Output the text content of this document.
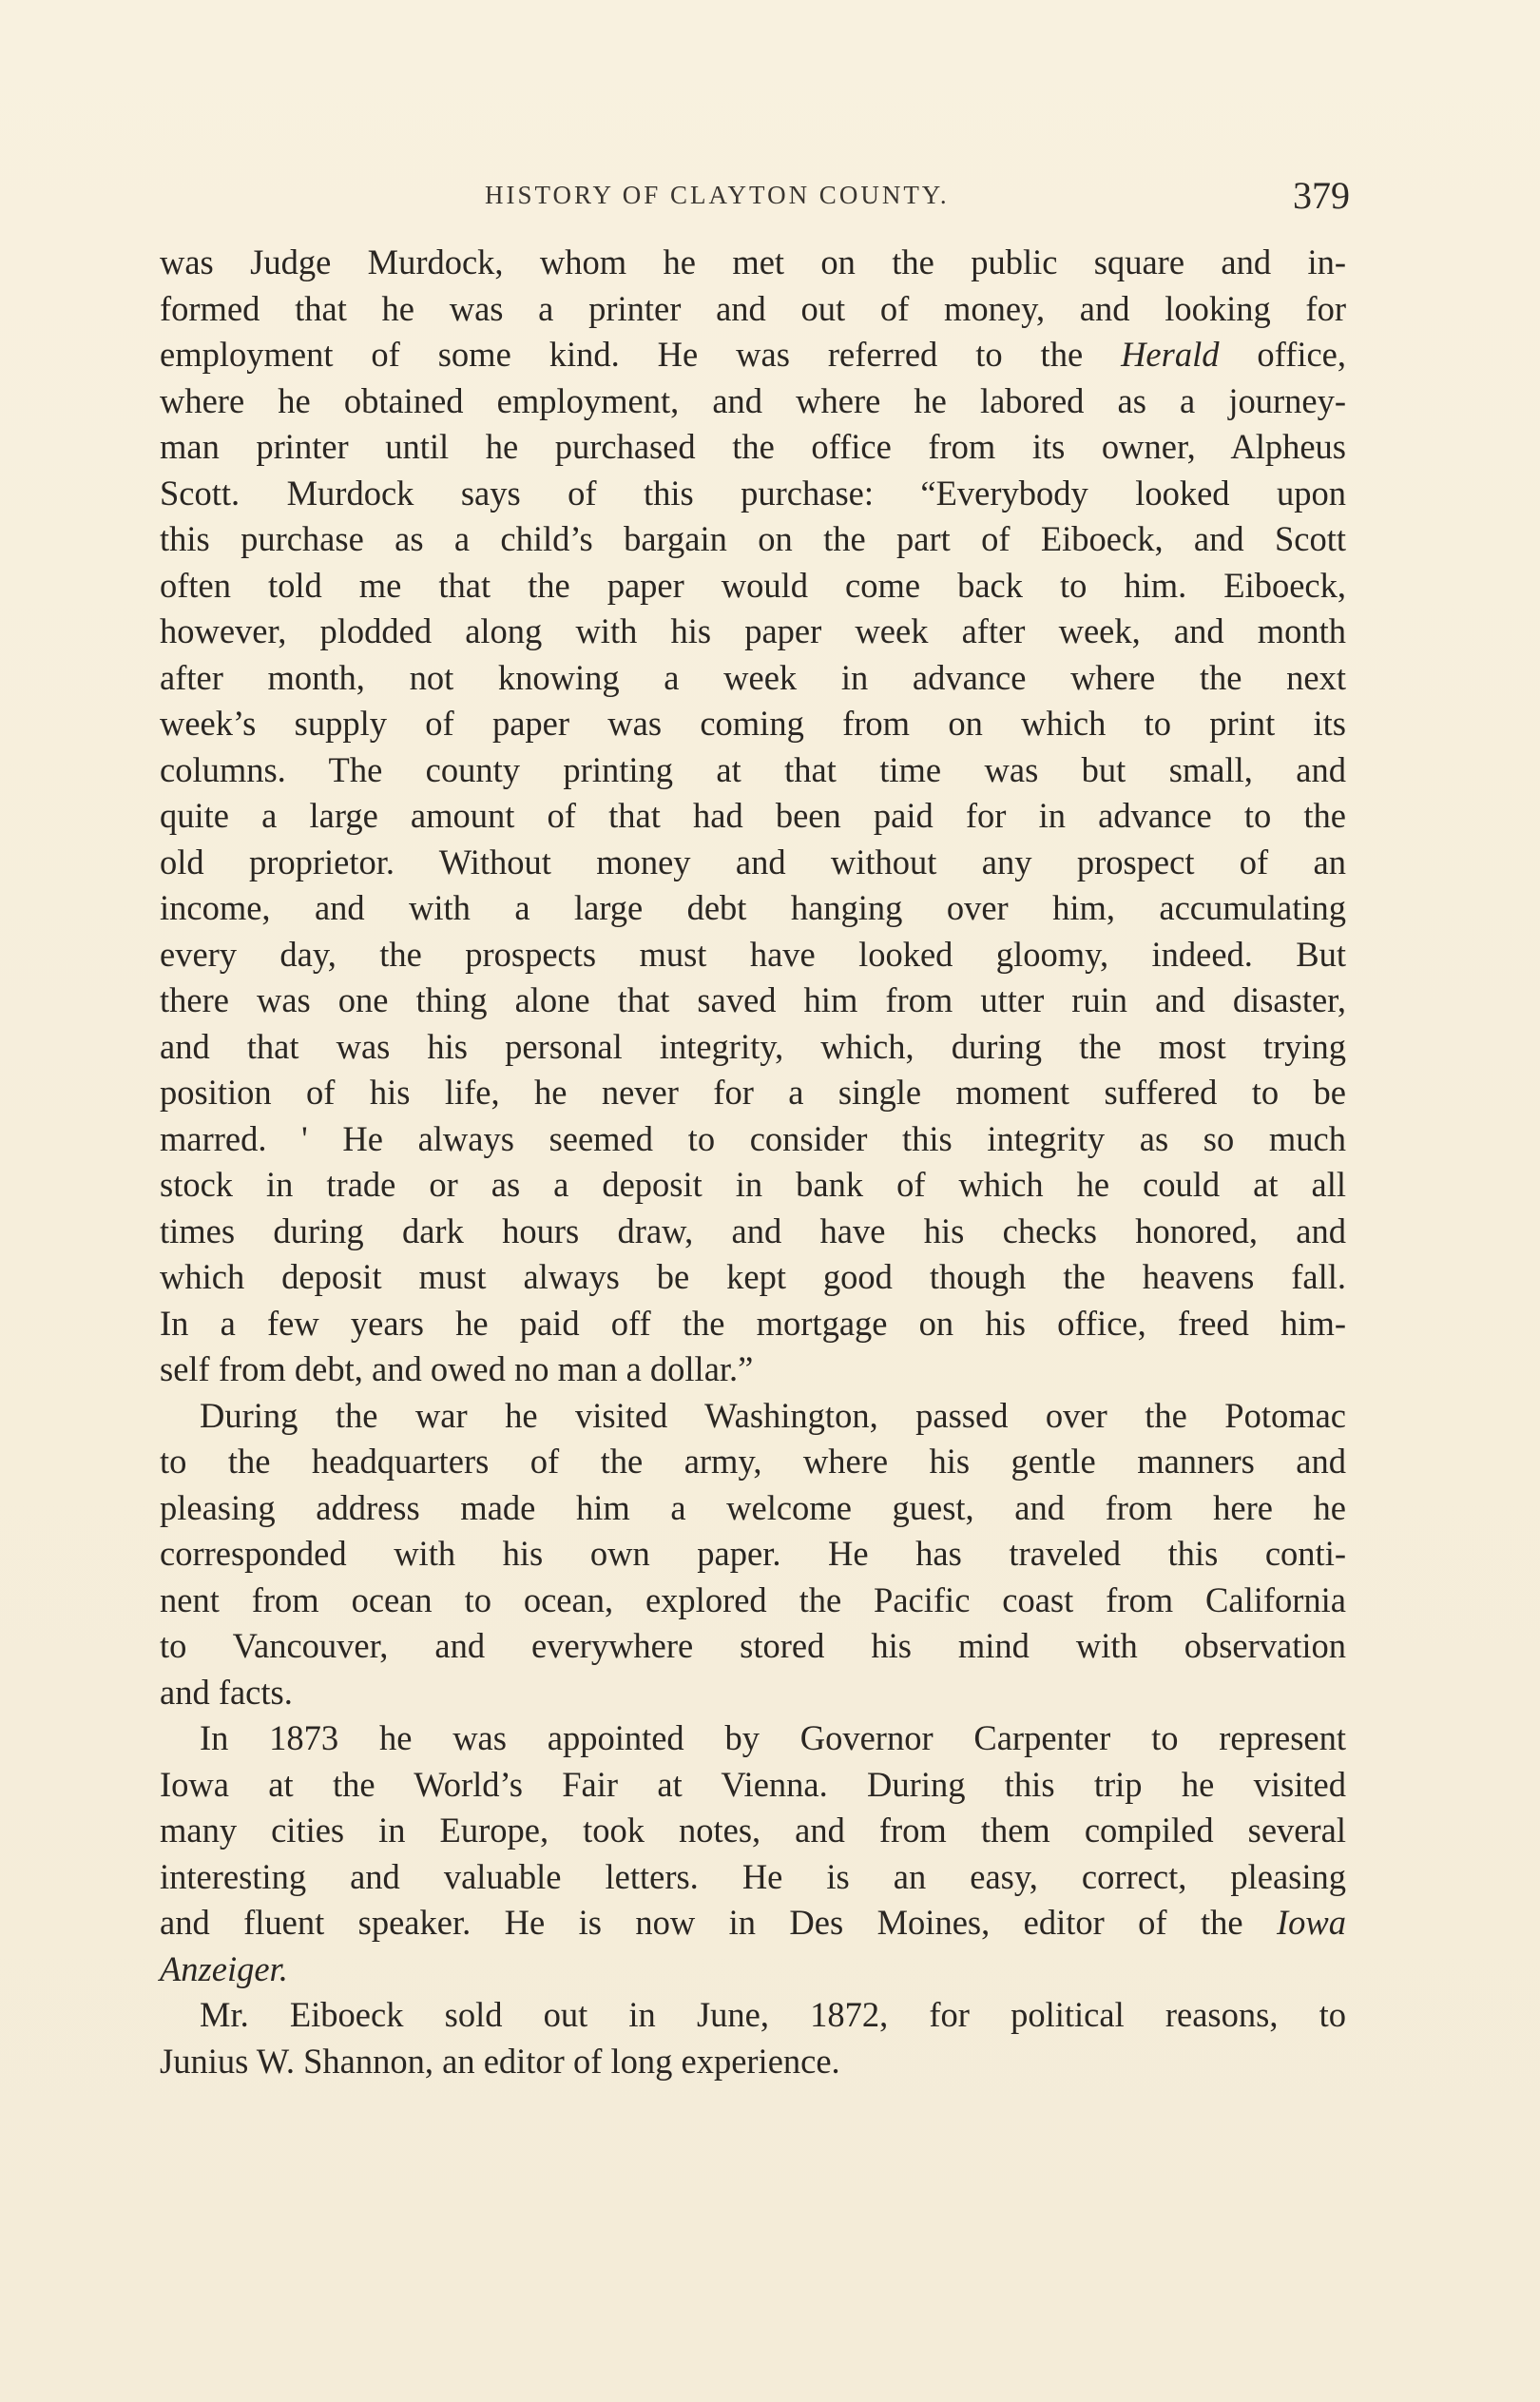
HISTORY OF CLAYTON COUNTY.	379
was Judge Murdock, whom he met on the public square and in-
formed that he was a printer and out of money, and looking for
employment of some kind. He was referred to the Herald office,
where he obtained employment, and where he labored as a journey-
man printer until he purchased the office from its owner, Alpheus
Scott. Murdock says of this purchase: “Everybody looked upon
this purchase as a child’s bargain on the part of Eiboeck, and Scott
often told me that the paper would come back to him. Eiboeck,
however, plodded along with his paper week after week, and month
after month, not knowing a week in advance where the next
week’s supply of paper was coming from on which to print its
columns. The county printing at that time was but small, and
quite a large amount of that had been paid for in advance to the
old proprietor. Without money and without any prospect of an
income, and with a large debt hanging over him, accumulating
every day, the prospects must have looked gloomy, indeed. But
there was one thing alone that saved him from utter ruin and disaster,
and that was his personal integrity, which, during the most trying
position of his life, he never for a single moment suffered to be
marred. ' He always seemed to consider this integrity as so much
stock in trade or as a deposit in bank of which he could at all
times during dark hours draw, and have his checks honored, and
which deposit must always be kept good though the heavens fall.
In a few years he paid off the mortgage on his office, freed him-
self from debt, and owed no man a dollar.”
During the war he visited Washington, passed over the Potomac
to the headquarters of the army, where his gentle manners and
pleasing address made him a welcome guest, and from here he
corresponded with his own paper. He has traveled this conti-
nent from ocean to ocean, explored the Pacific coast from California
to Vancouver, and everywhere stored his mind with observation
and facts.
In 1873 he was appointed by Governor Carpenter to represent
Iowa at the World’s Fair at Vienna. During this trip he visited
many cities in Europe, took notes, and from them compiled several
interesting and valuable letters. He is an easy, correct, pleasing
and fluent speaker. He is now in Des Moines, editor of the Iowa
Anzeiger.
Mr. Eiboeck sold out in June, 1872, for political reasons, to
Junius W. Shannon, an editor of long experience.
